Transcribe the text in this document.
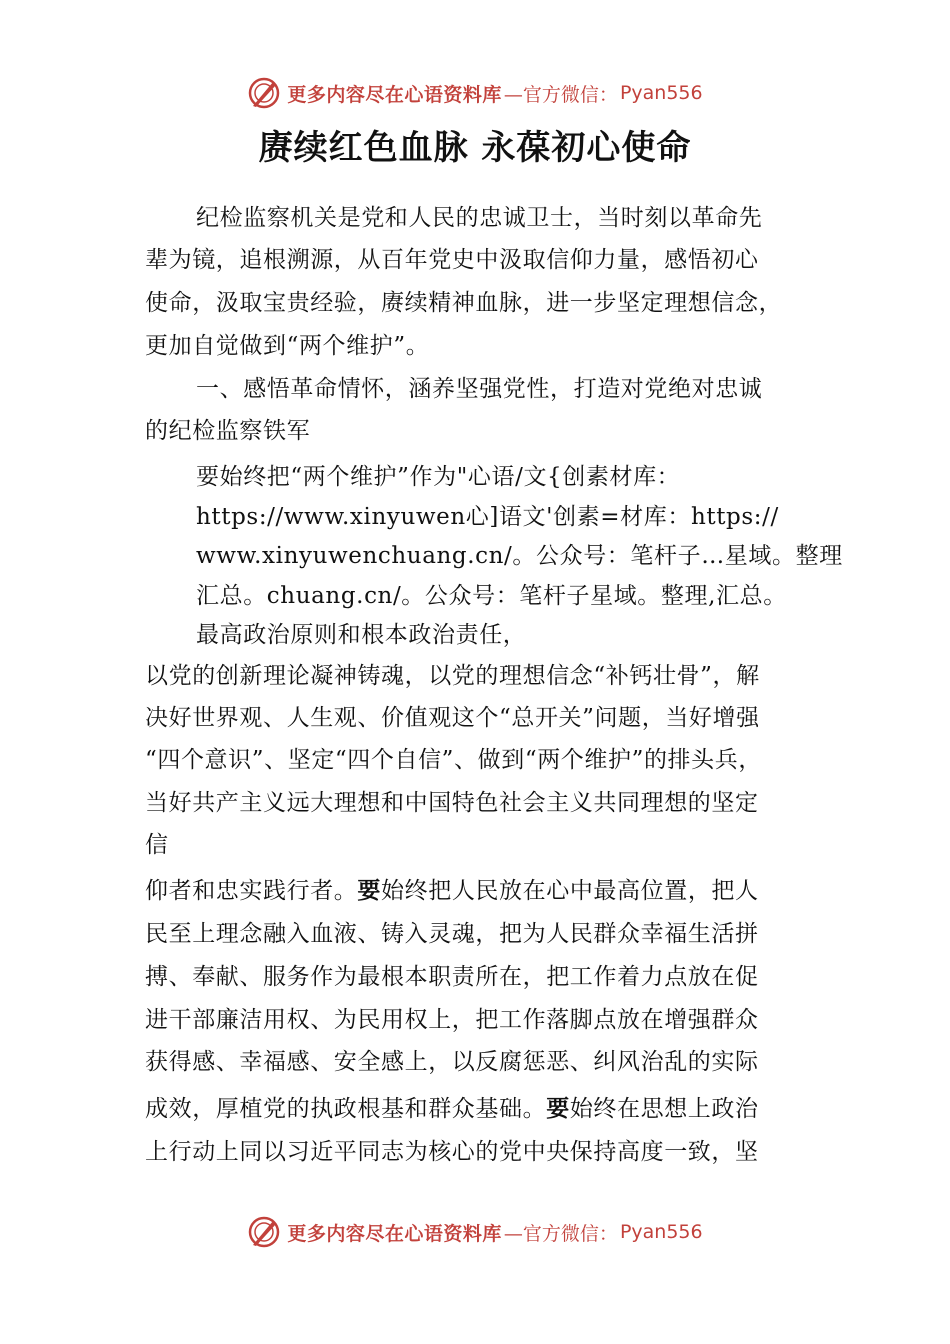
更多内容尽在心语资料库 —官方微信： Pyan556
赓续红色血脉 永葆初心使命
纪检监察机关是党和人民的忠诚卫士，当时刻以革命先
辈为镜，追根溯源，从百年党史中汲取信仰力量，感悟初心
使命，汲取宝贵经验，赓续精神血脉，进一步坚定理想信念，
更加自觉做到“两个维护”。
一、感悟革命情怀，涵养坚强党性，打造对党绝对忠诚
的纪检监察铁军
要始终把“两个维护”作为"心语/文{创素材库：
https://www.xinyuwen心]语文'创素=材库：https://
www.xinyuwenchuang.cn/。公众号：笔杆子…星域。整理
汇总。chuang.cn/。公众号：笔杆子星域。整理,汇总。
最高政治原则和根本政治责任，
以党的创新理论凝神铸魂，以党的理想信念“补钙壮骨”，解
决好世界观、人生观、价值观这个“总开关”问题，当好增强
“四个意识”、坚定“四个自信”、做到“两个维护”的排头兵，
当好共产主义远大理想和中国特色社会主义共同理想的坚定
信
仰者和忠实践行者。要始终把人民放在心中最高位置，把人
民至上理念融入血液、铸入灵魂，把为人民群众幸福生活拼
搏、奉献、服务作为最根本职责所在，把工作着力点放在促
进干部廉洁用权、为民用权上，把工作落脚点放在增强群众
获得感、幸福感、安全感上，以反腐惩恶、纠风治乱的实际
成效，厚植党的执政根基和群众基础。要始终在思想上政治
上行动上同以习近平同志为核心的党中央保持高度一致，坚
更多内容尽在心语资料库 —官方微信： Pyan556
